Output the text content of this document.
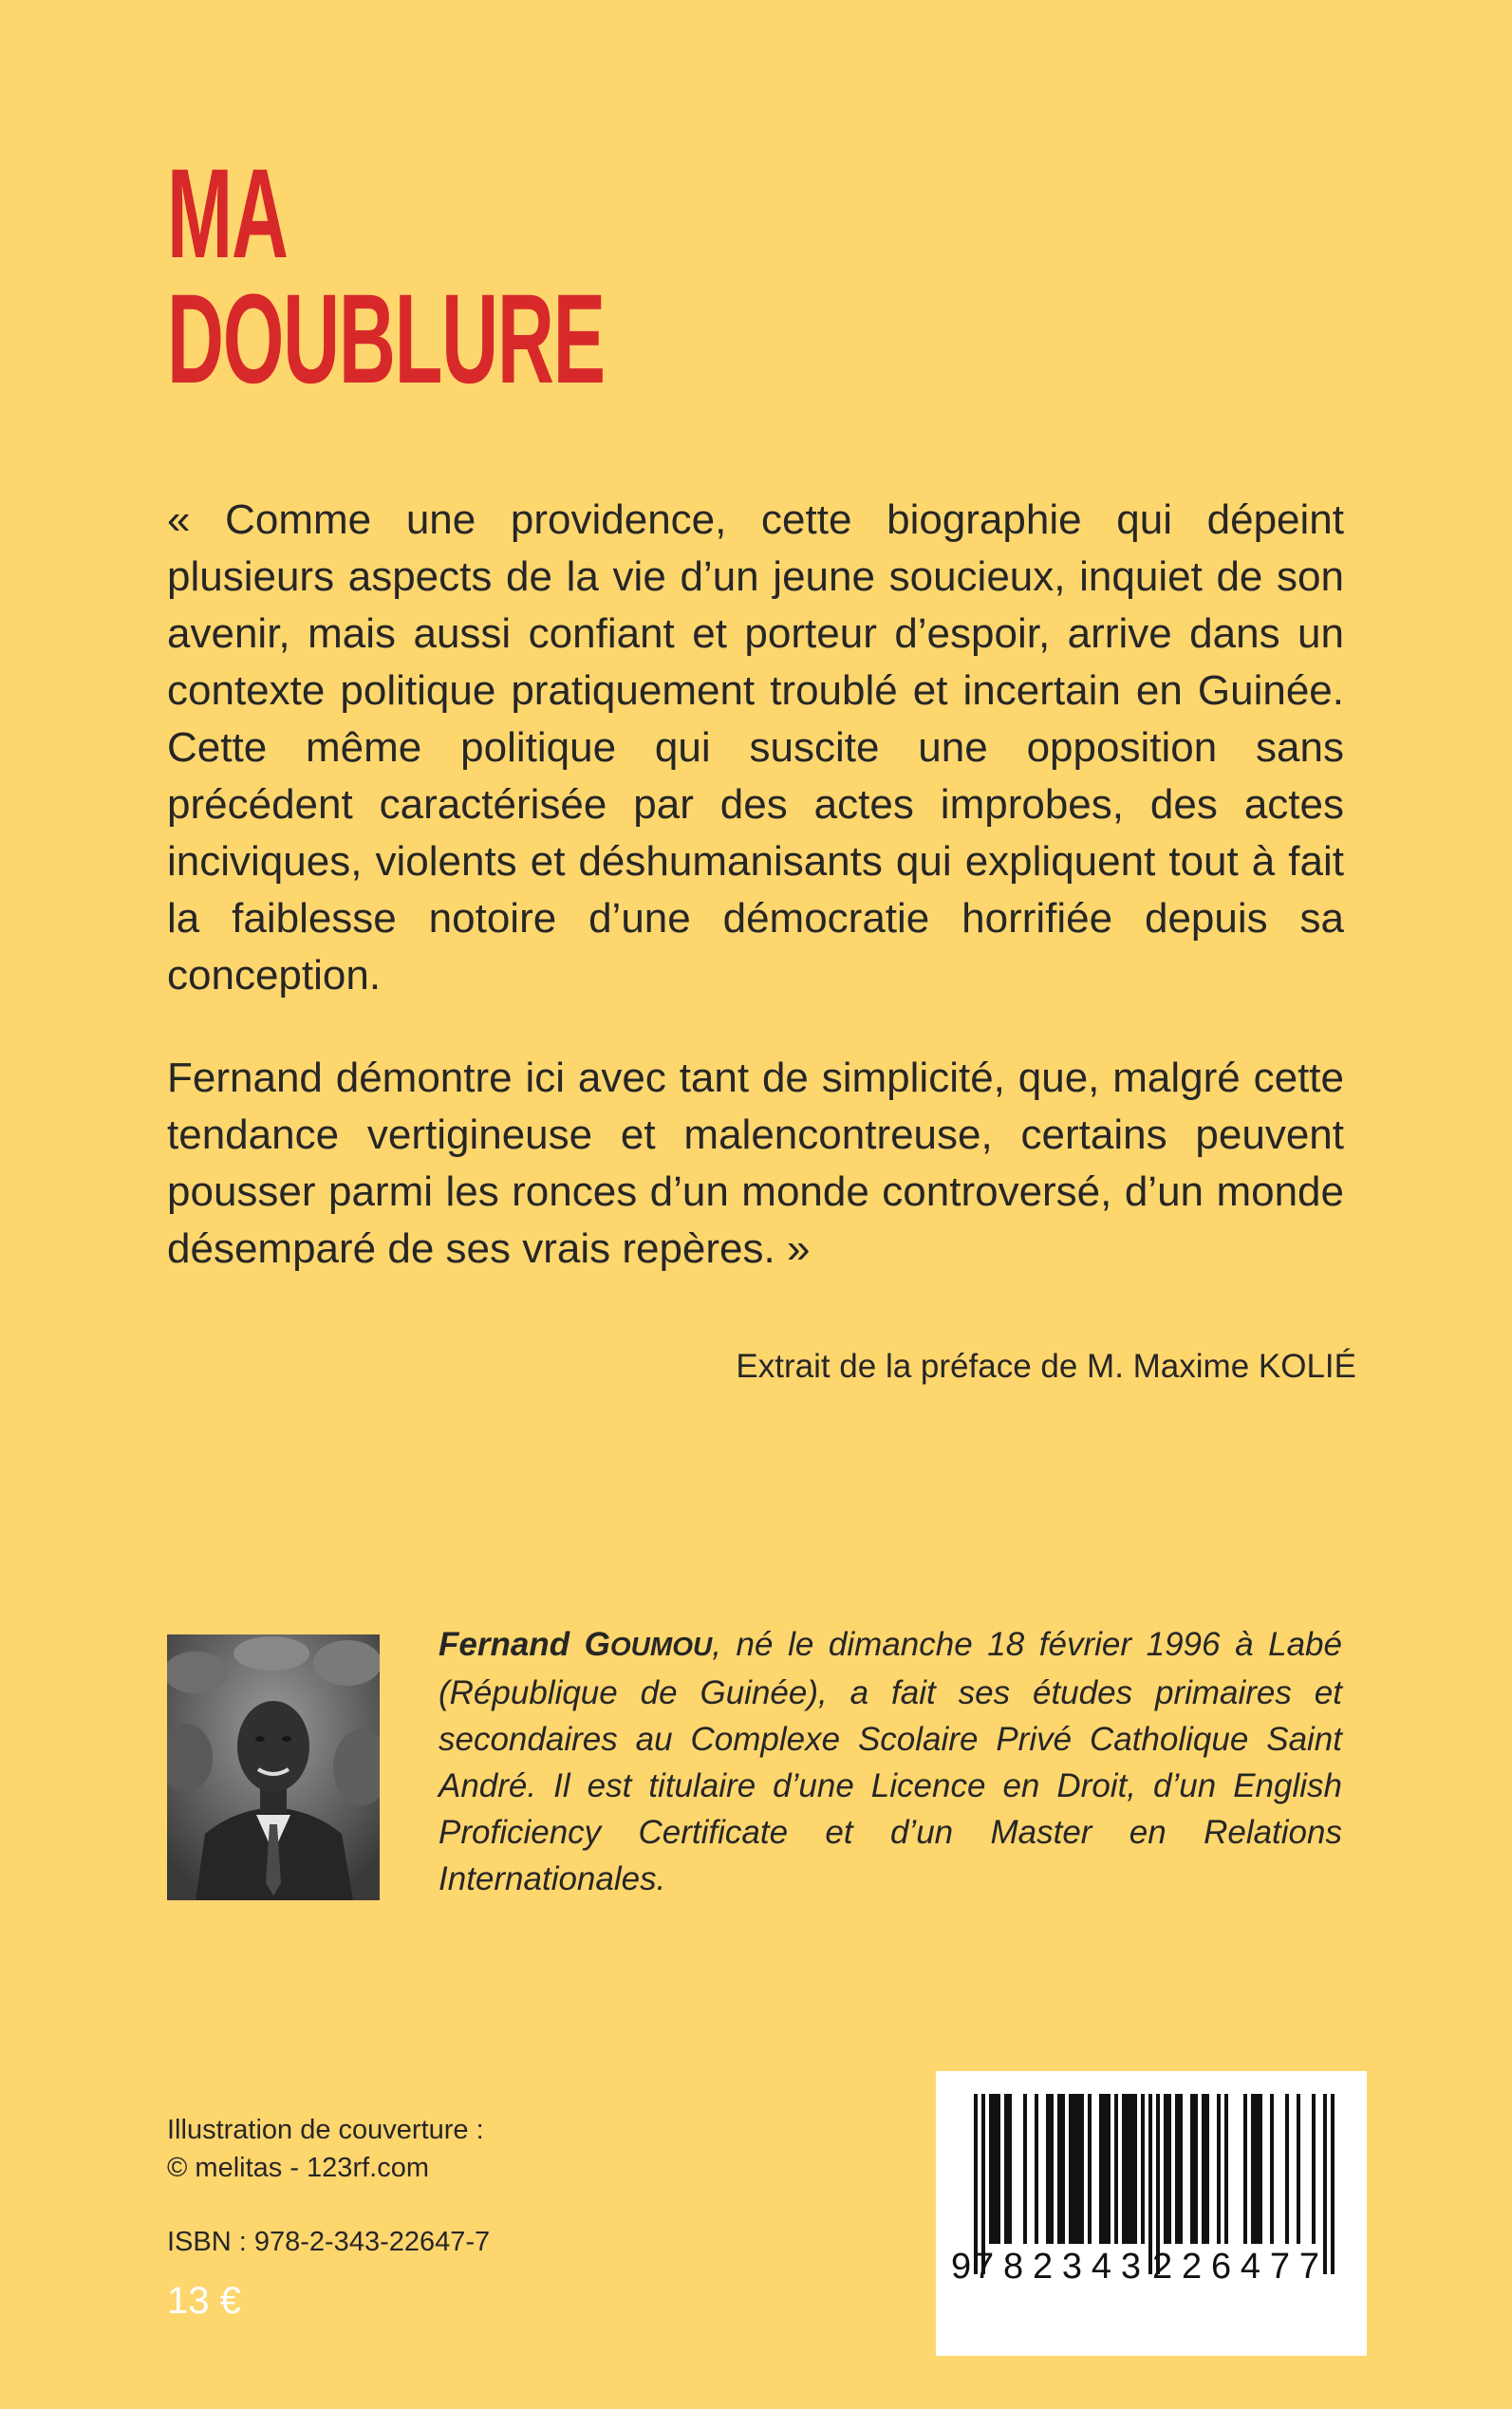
MA
DOUBLURE

« Comme une providence, cette biographie qui dépeint plusieurs aspects de la vie d’un jeune soucieux, inquiet de son avenir, mais aussi confiant et porteur d’espoir, arrive dans un contexte politique pratiquement troublé et incertain en Guinée. Cette même politique qui suscite une opposition sans précédent caractérisée par des actes improbes, des actes inciviques, violents et déshumanisants qui expliquent tout à fait la faiblesse notoire d’une démocratie horrifiée depuis sa conception.

Fernand démontre ici avec tant de simplicité, que, malgré cette tendance vertigineuse et malencontreuse, certains peuvent pousser parmi les ronces d’un monde controversé, d’un monde désemparé de ses vrais repères. »

Extrait de la préface de M. Maxime KOLIÉ
Fernand GOUMOU, né le dimanche 18 février 1996 à Labé (République de Guinée), a fait ses études primaires et secondaires au Complexe Scolaire Privé Catholique Saint André. Il est titulaire d’une Licence en Droit, d’un English Proficiency Certificate et d’un Master en Relations Internationales.
Illustration de couverture :
© melitas - 123rf.com
ISBN : 978-2-343-22647-7
13 €
9 782343 226477
